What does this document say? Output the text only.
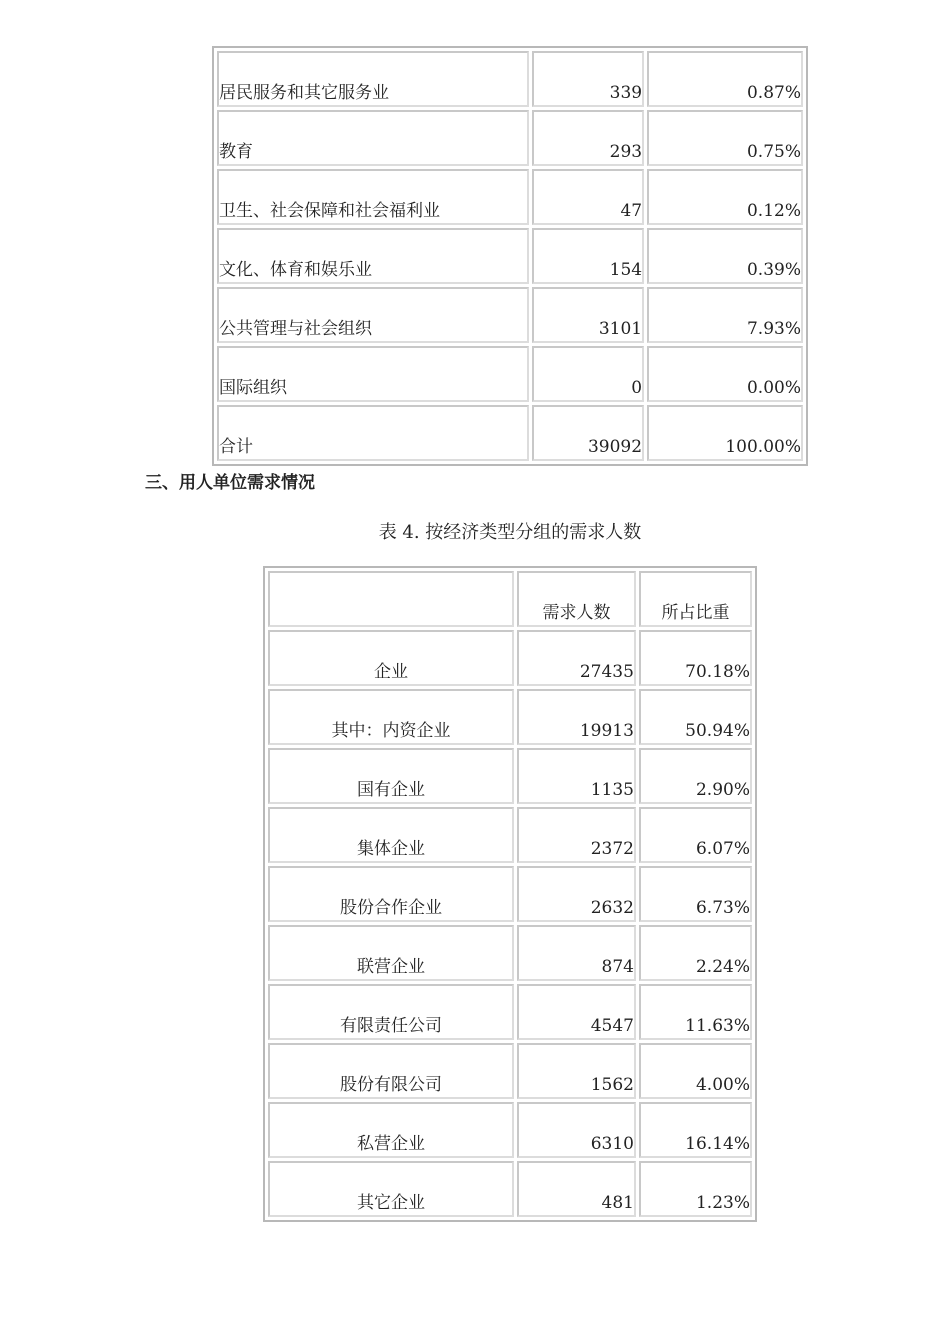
居民服务和其它服务业	339	0.87%
教育	293	0.75%
卫生、社会保障和社会福利业	47	0.12%
文化、体育和娱乐业	154	0.39%
公共管理与社会组织	3101	7.93%
国际组织	0	0.00%
合计	39092	100.00%
三、用人单位需求情况
表 4. 按经济类型分组的需求人数
	需求人数	所占比重
企业	27435	70.18%
其中：内资企业	19913	50.94%
国有企业	1135	2.90%
集体企业	2372	6.07%
股份合作企业	2632	6.73%
联营企业	874	2.24%
有限责任公司	4547	11.63%
股份有限公司	1562	4.00%
私营企业	6310	16.14%
其它企业	481	1.23%
